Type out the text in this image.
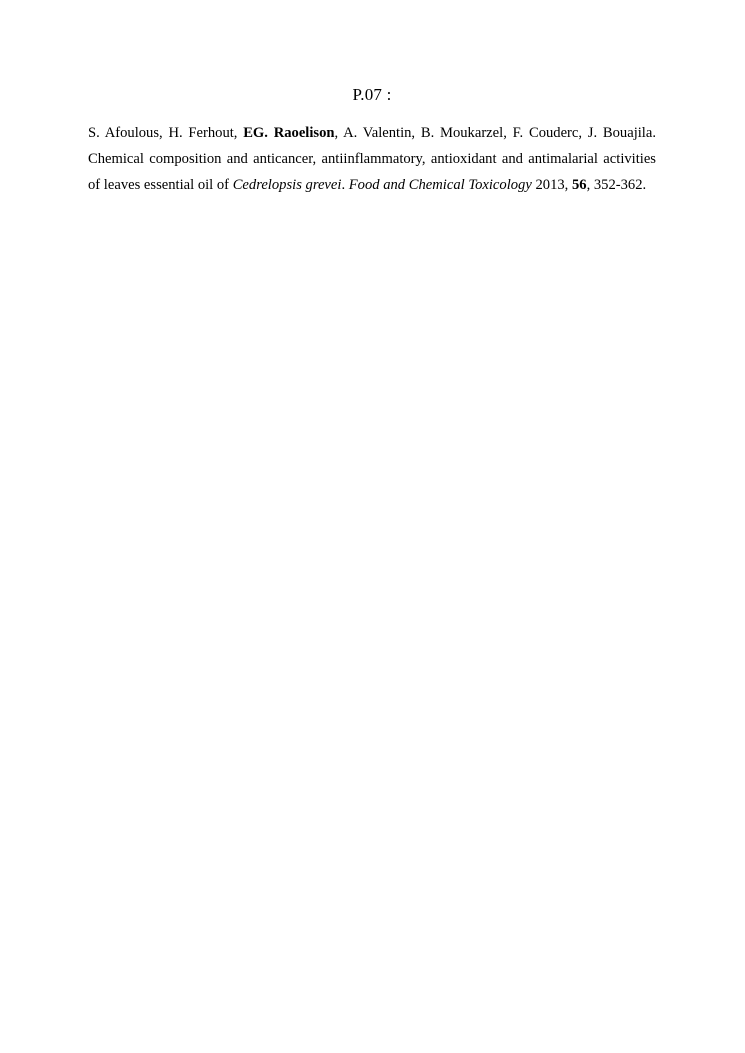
P.07 :

S. Afoulous, H. Ferhout, EG. Raoelison, A. Valentin, B. Moukarzel, F. Couderc, J. Bouajila. Chemical composition and anticancer, antiinflammatory, antioxidant and antimalarial activities of leaves essential oil of Cedrelopsis grevei. Food and Chemical Toxicology 2013, 56, 352-362.
